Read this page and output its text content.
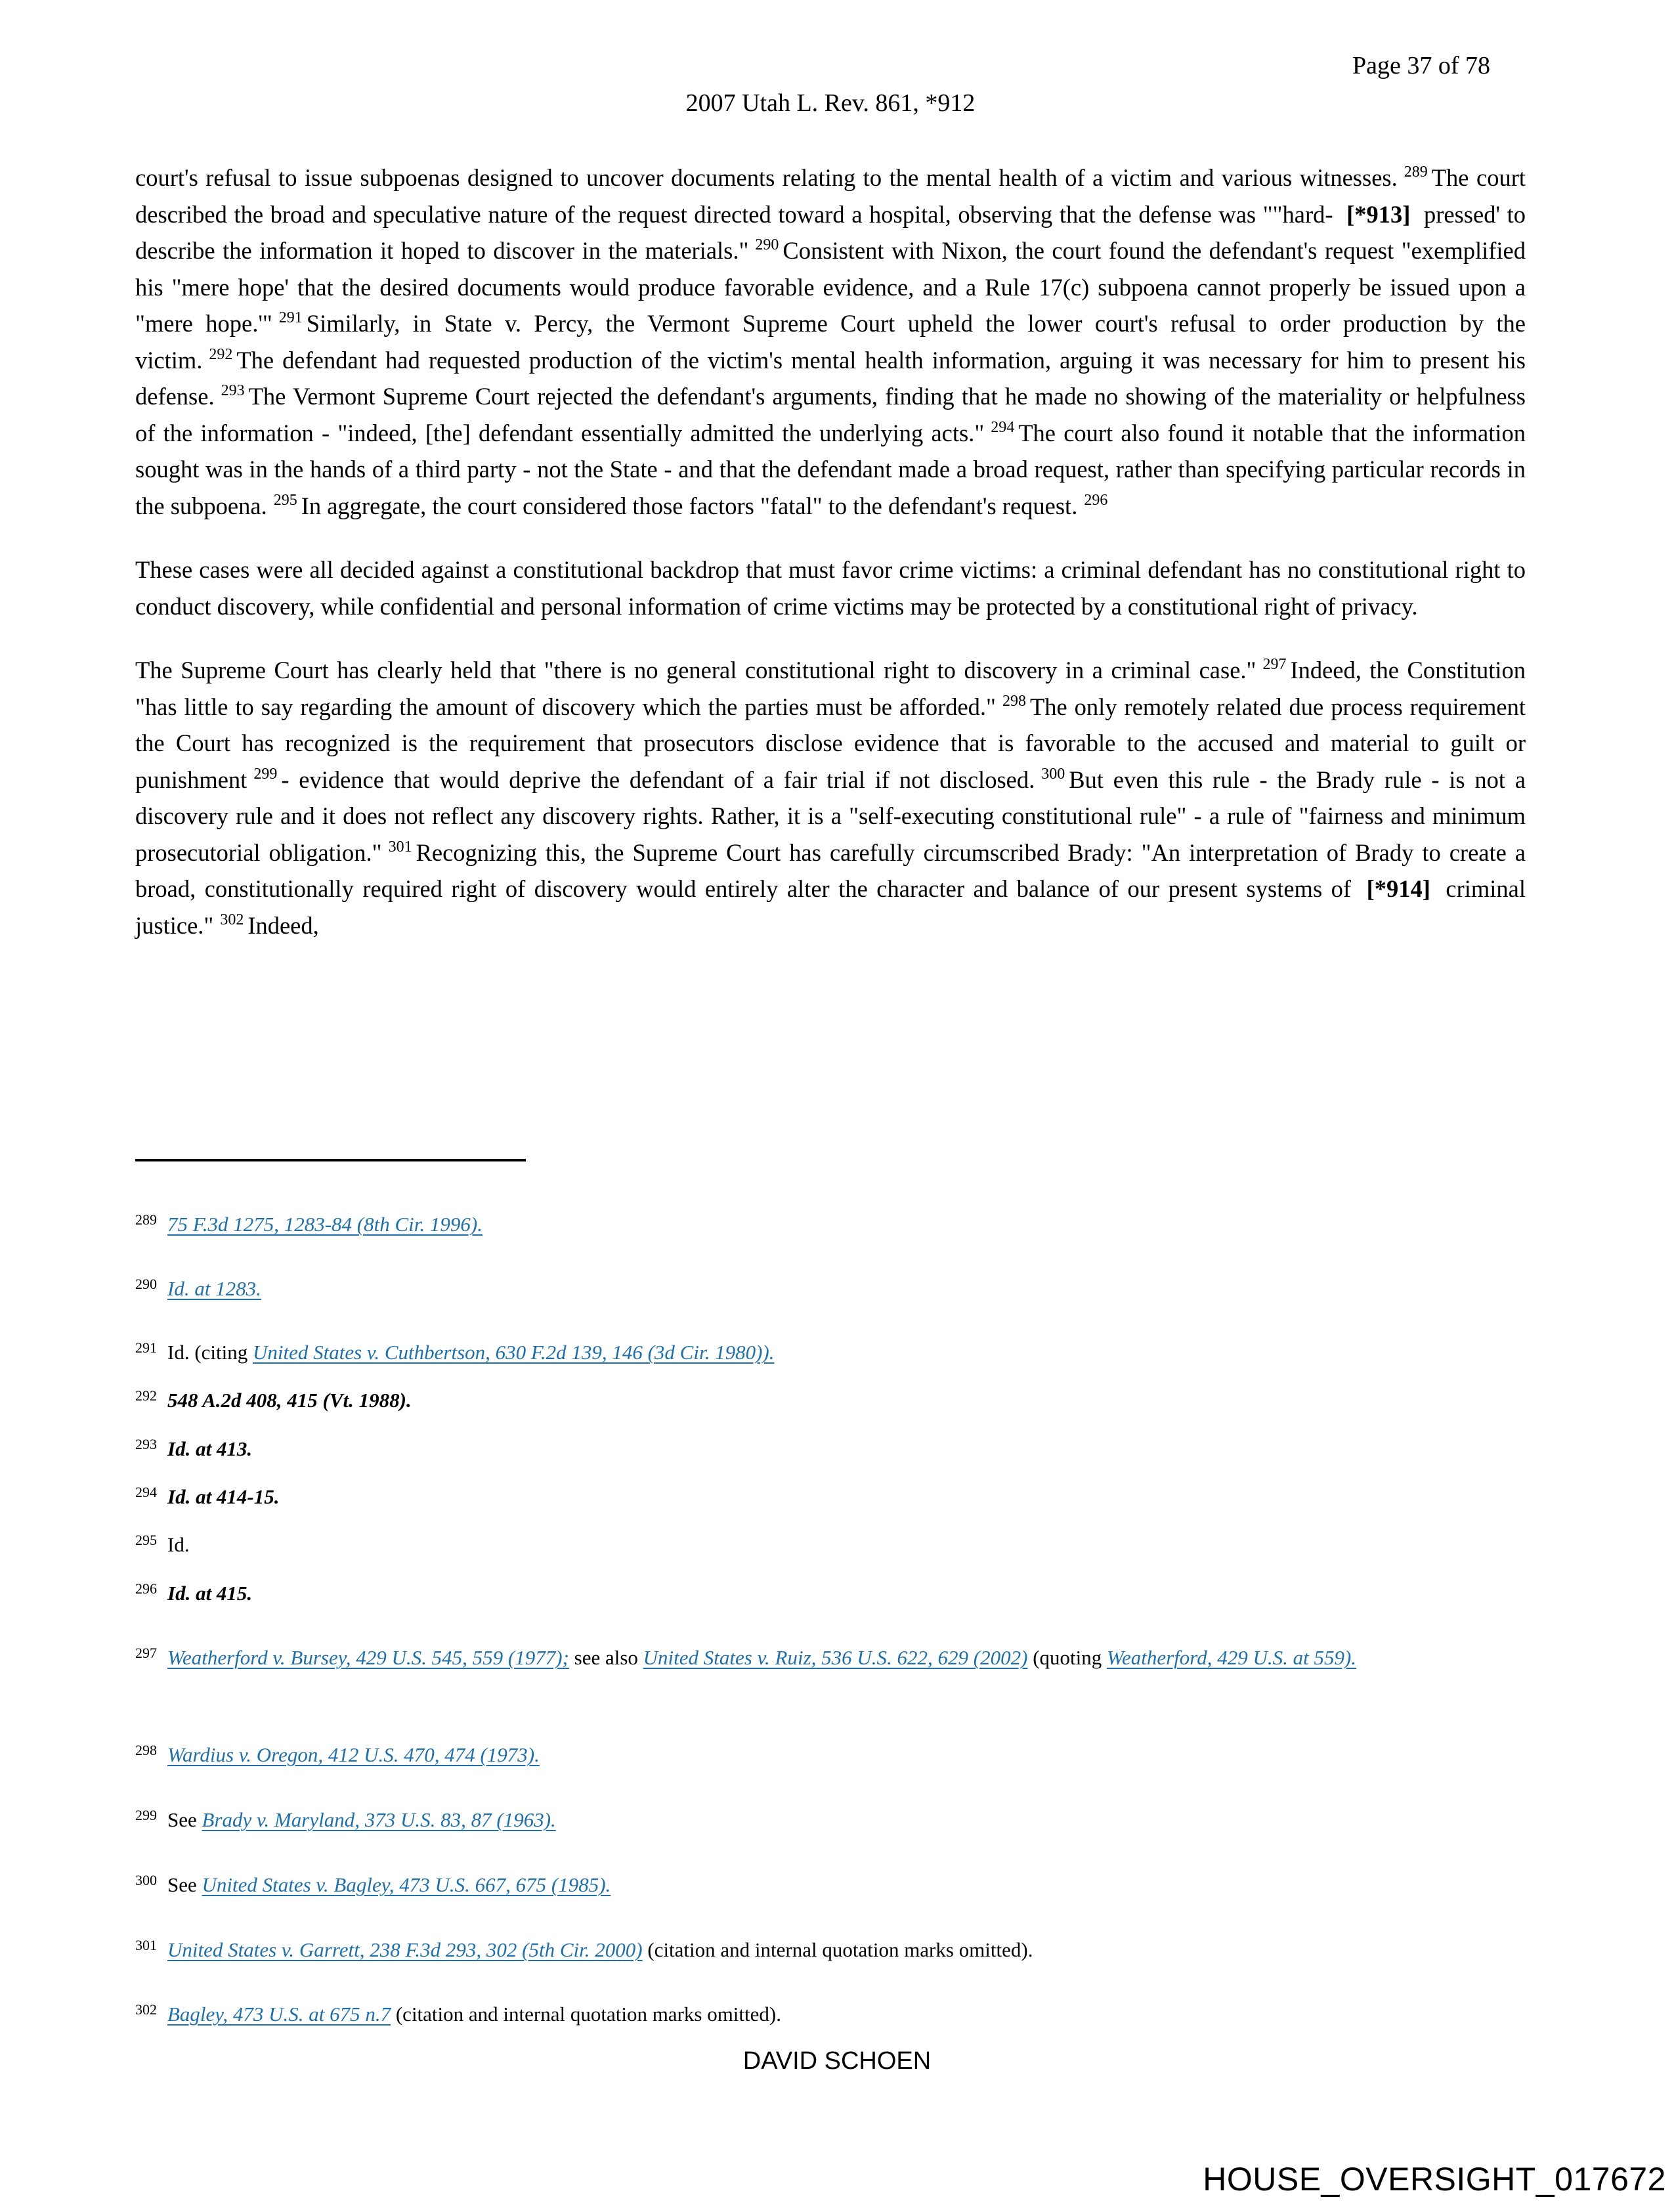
Page 37 of 78
2007 Utah L. Rev. 861, *912

court's refusal to issue subpoenas designed to uncover documents relating to the mental health of a victim and various witnesses. $^{289}$ The court described the broad and speculative nature of the request directed toward a hospital, observing that the defense was ""hard- [*913] pressed' to describe the information it hoped to discover in the materials." $^{290}$ Consistent with Nixon, the court found the defendant's request "exemplified his "mere hope' that the desired documents would produce favorable evidence, and a Rule 17(c) subpoena cannot properly be issued upon a "mere hope.'" $^{291}$ Similarly, in State v. Percy, the Vermont Supreme Court upheld the lower court's refusal to order production by the victim. $^{292}$ The defendant had requested production of the victim's mental health information, arguing it was necessary for him to present his defense. $^{293}$ The Vermont Supreme Court rejected the defendant's arguments, finding that he made no showing of the materiality or helpfulness of the information - "indeed, [the] defendant essentially admitted the underlying acts." $^{294}$ The court also found it notable that the information sought was in the hands of a third party - not the State - and that the defendant made a broad request, rather than specifying particular records in the subpoena. $^{295}$ In aggregate, the court considered those factors "fatal" to the defendant's request. $^{296}$

These cases were all decided against a constitutional backdrop that must favor crime victims: a criminal defendant has no constitutional right to conduct discovery, while confidential and personal information of crime victims may be protected by a constitutional right of privacy.

The Supreme Court has clearly held that "there is no general constitutional right to discovery in a criminal case." $^{297}$ Indeed, the Constitution "has little to say regarding the amount of discovery which the parties must be afforded." $^{298}$ The only remotely related due process requirement the Court has recognized is the requirement that prosecutors disclose evidence that is favorable to the accused and material to guilt or punishment $^{299}$ - evidence that would deprive the defendant of a fair trial if not disclosed. $^{300}$ But even this rule - the Brady rule - is not a discovery rule and it does not reflect any discovery rights. Rather, it is a "self-executing constitutional rule" - a rule of "fairness and minimum prosecutorial obligation." $^{301}$ Recognizing this, the Supreme Court has carefully circumscribed Brady: "An interpretation of Brady to create a broad, constitutionally required right of discovery would entirely alter the character and balance of our present systems of [*914] criminal justice." $^{302}$ Indeed,

$^{289}$ 75 F.3d 1275, 1283-84 (8th Cir. 1996).
$^{290}$ Id. at 1283.
$^{291}$ Id. (citing United States v. Cuthbertson, 630 F.2d 139, 146 (3d Cir. 1980)).
$^{292}$ 548 A.2d 408, 415 (Vt. 1988).
$^{293}$ Id. at 413.
$^{294}$ Id. at 414-15.
$^{295}$ Id.
$^{296}$ Id. at 415.
$^{297}$ Weatherford v. Bursey, 429 U.S. 545, 559 (1977); see also United States v. Ruiz, 536 U.S. 622, 629 (2002) (quoting Weatherford, 429 U.S. at 559).
$^{298}$ Wardius v. Oregon, 412 U.S. 470, 474 (1973).
$^{299}$ See Brady v. Maryland, 373 U.S. 83, 87 (1963).
$^{300}$ See United States v. Bagley, 473 U.S. 667, 675 (1985).
$^{301}$ United States v. Garrett, 238 F.3d 293, 302 (5th Cir. 2000) (citation and internal quotation marks omitted).
$^{302}$ Bagley, 473 U.S. at 675 n.7 (citation and internal quotation marks omitted).
DAVID SCHOEN
HOUSE_OVERSIGHT_017672
